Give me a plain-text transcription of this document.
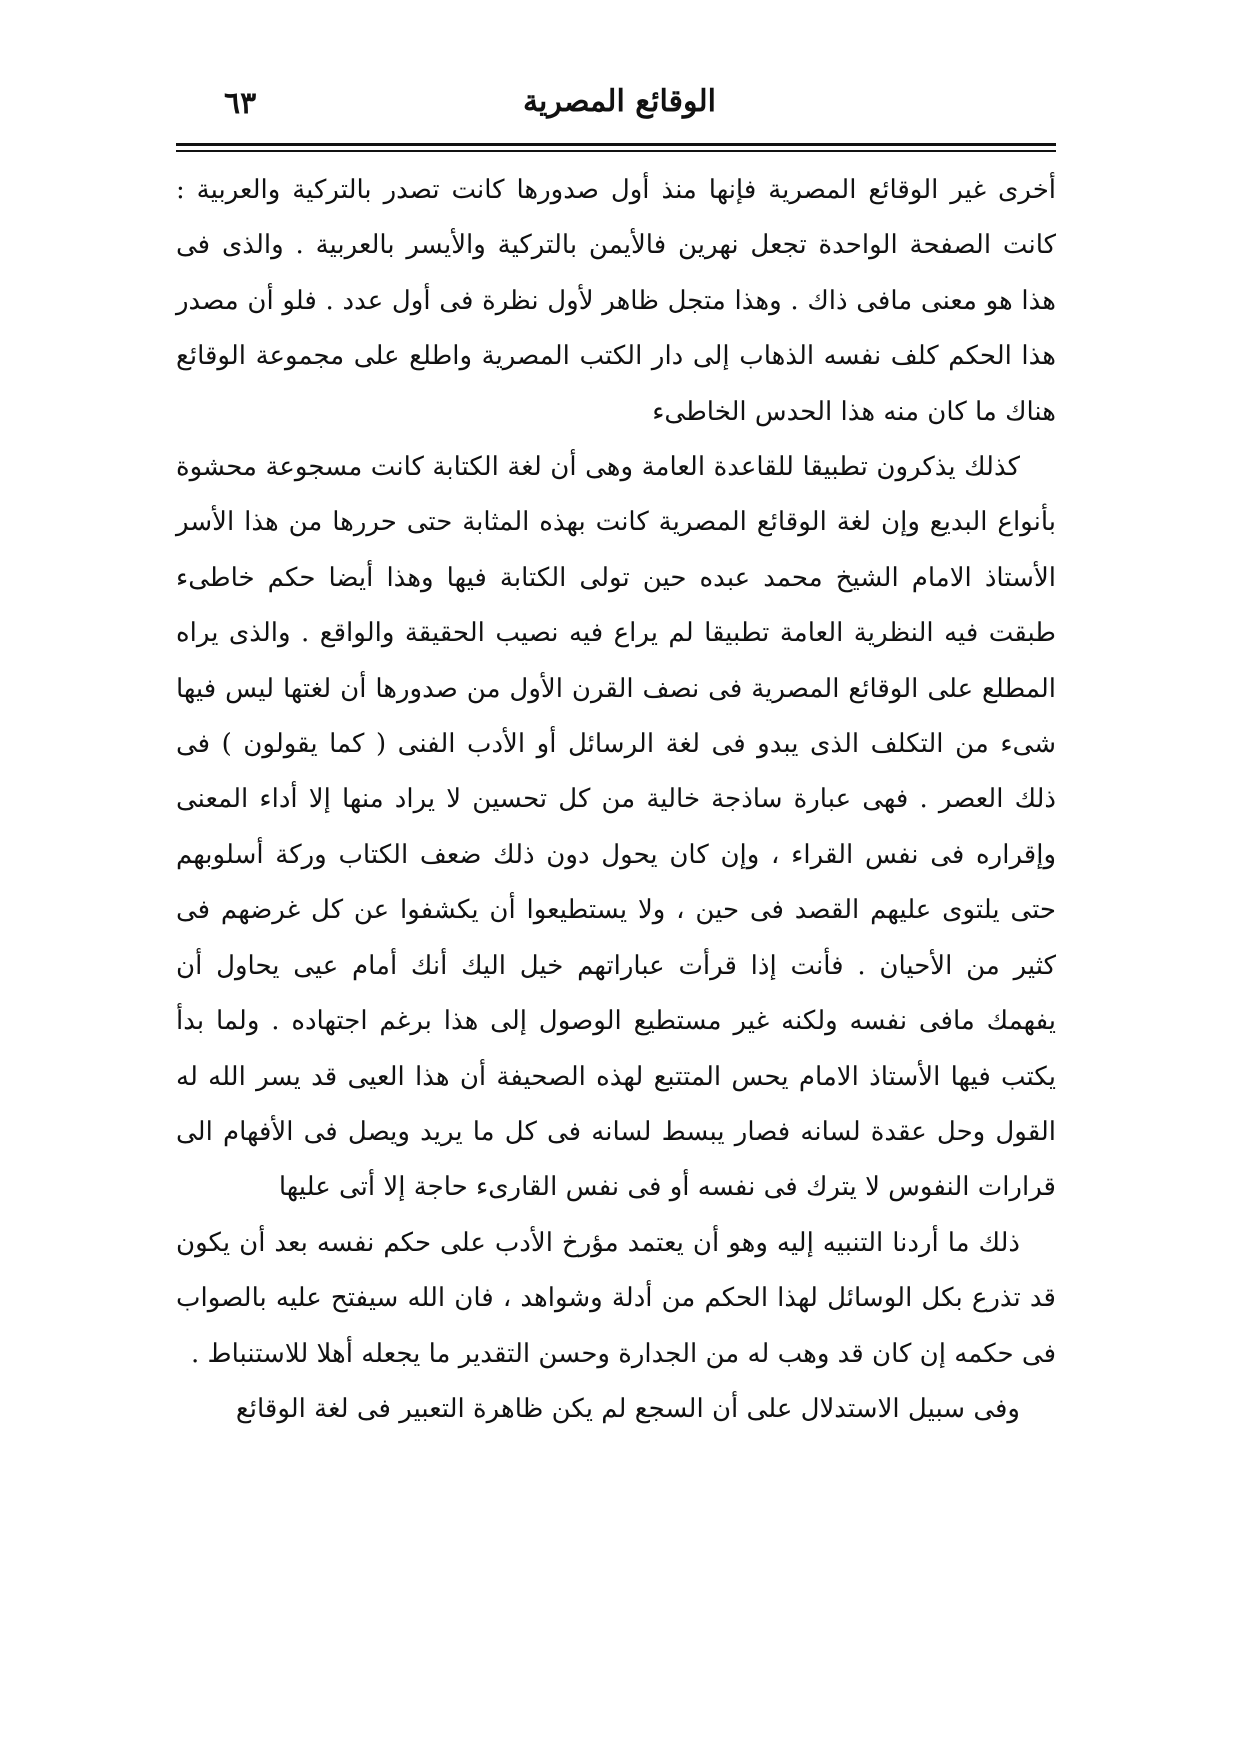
الوقائع المصرية
٦٣

أخرى غير الوقائع المصرية فإنها منذ أول صدورها كانت تصدر بالتركية والعربية : كانت الصفحة الواحدة تجعل نهرين فالأيمن بالتركية والأيسر بالعربية . والذى فى هذا هو معنى مافى ذاك . وهذا متجل ظاهر لأول نظرة فى أول عدد . فلو أن مصدر هذا الحكم كلف نفسه الذهاب إلى دار الكتب المصرية واطلع على مجموعة الوقائع هناك ما كان منه هذا الحدس الخاطىء

كذلك يذكرون تطبيقا للقاعدة العامة وهى أن لغة الكتابة كانت مسجوعة محشوة بأنواع البديع وإن لغة الوقائع المصرية كانت بهذه المثابة حتى حررها من هذا الأسر الأستاذ الامام الشيخ محمد عبده حين تولى الكتابة فيها وهذا أيضا حكم خاطىء طبقت فيه النظرية العامة تطبيقا لم يراع فيه نصيب الحقيقة والواقع . والذى يراه المطلع على الوقائع المصرية فى نصف القرن الأول من صدورها أن لغتها ليس فيها شىء من التكلف الذى يبدو فى لغة الرسائل أو الأدب الفنى ( كما يقولون ) فى ذلك العصر . فهى عبارة ساذجة خالية من كل تحسين لا يراد منها إلا أداء المعنى وإقراره فى نفس القراء ، وإن كان يحول دون ذلك ضعف الكتاب وركة أسلوبهم حتى يلتوى عليهم القصد فى حين ، ولا يستطيعوا أن يكشفوا عن كل غرضهم فى كثير من الأحيان . فأنت إذا قرأت عباراتهم خيل اليك أنك أمام عيى يحاول أن يفهمك مافى نفسه ولكنه غير مستطيع الوصول إلى هذا برغم اجتهاده . ولما بدأ يكتب فيها الأستاذ الامام يحس المتتبع لهذه الصحيفة أن هذا العيى قد يسر الله له القول وحل عقدة لسانه فصار يبسط لسانه فى كل ما يريد ويصل فى الأفهام الى قرارات النفوس لا يترك فى نفسه أو فى نفس القارىء حاجة إلا أتى عليها

ذلك ما أردنا التنبيه إليه وهو أن يعتمد مؤرخ الأدب على حكم نفسه بعد أن يكون قد تذرع بكل الوسائل لهذا الحكم من أدلة وشواهد ، فان الله سيفتح عليه بالصواب فى حكمه إن كان قد وهب له من الجدارة وحسن التقدير ما يجعله أهلا للاستنباط .

وفى سبيل الاستدلال على أن السجع لم يكن ظاهرة التعبير فى لغة الوقائع
